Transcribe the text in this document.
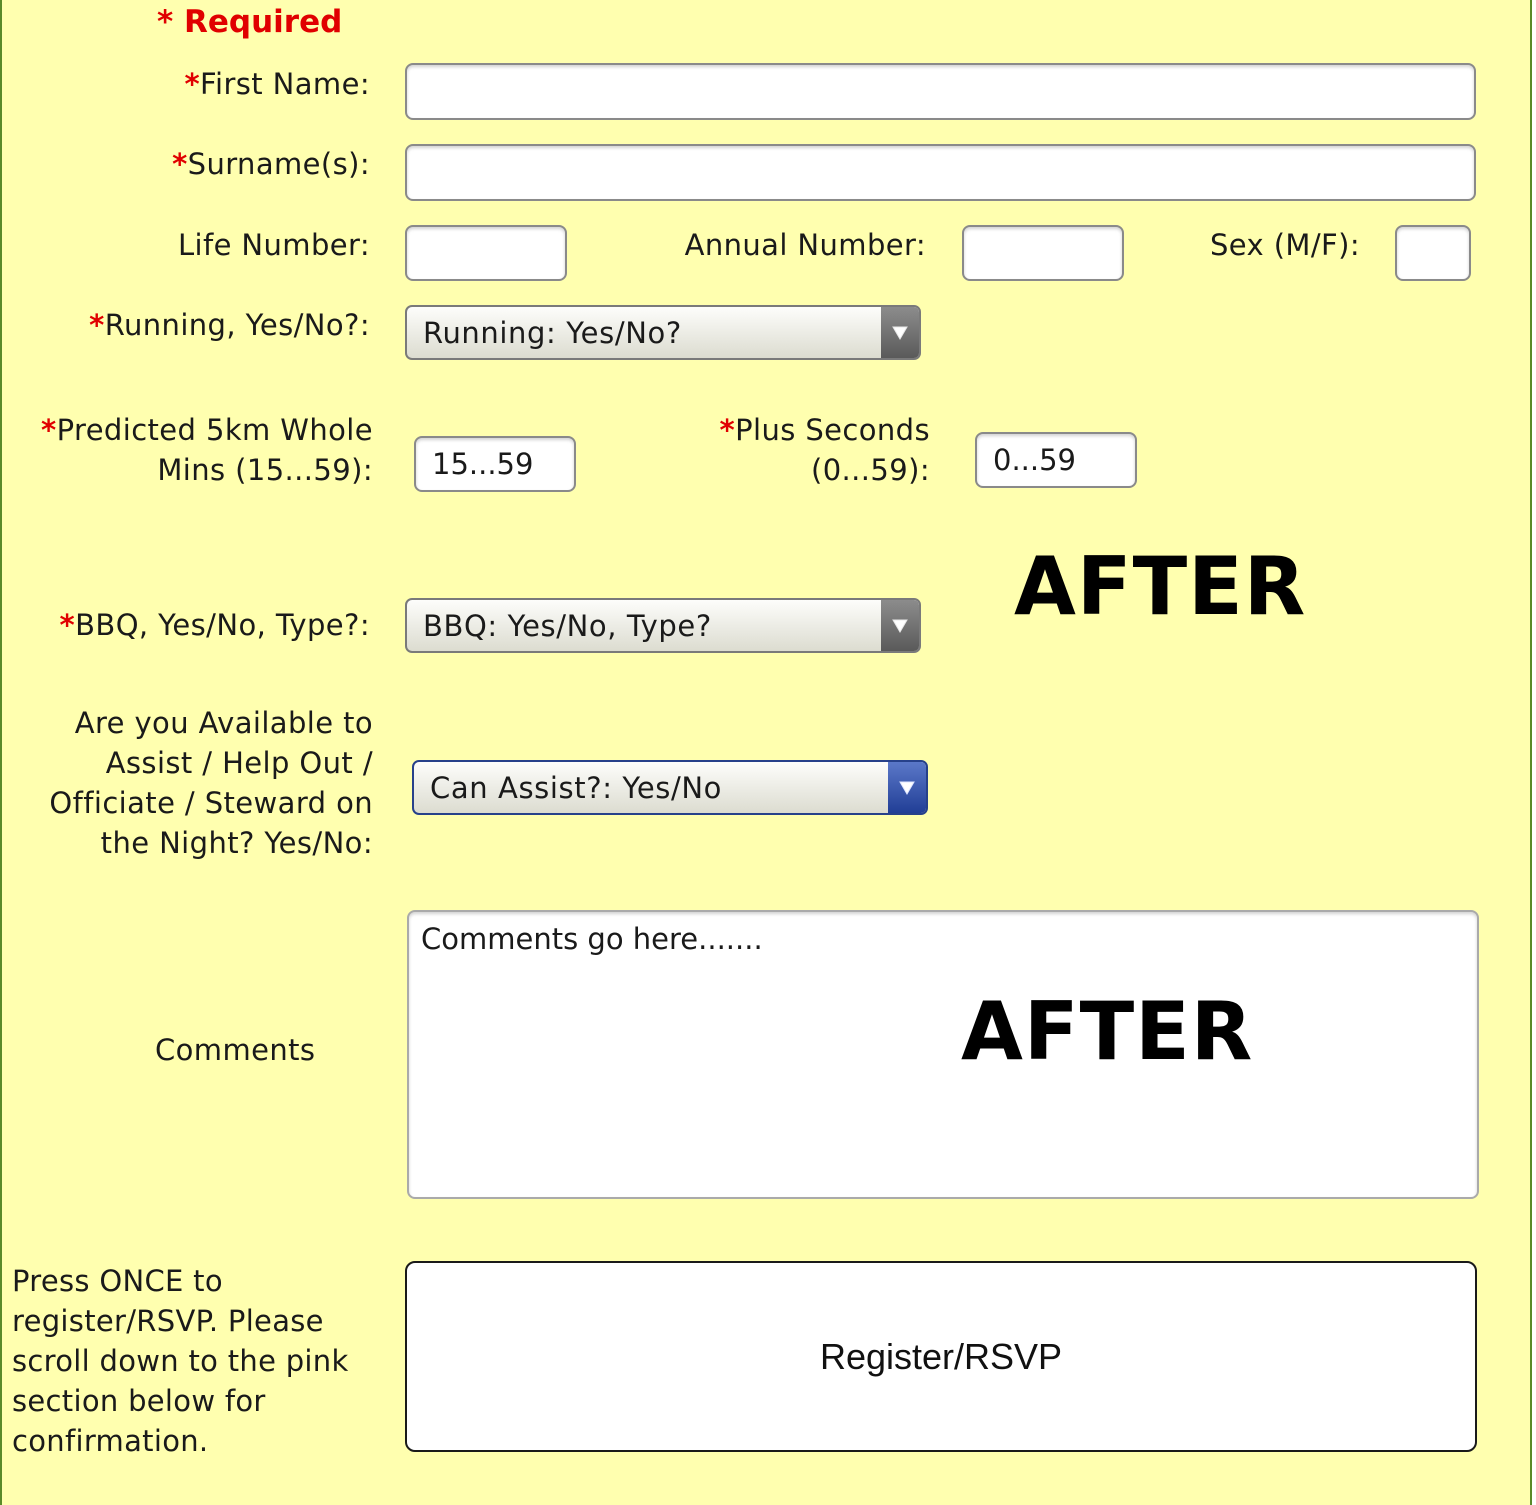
* Required
*First Name:
*Surname(s):
Life Number:	Annual Number:	Sex (M/F):
*Running, Yes/No?: Running: Yes/No?
*Predicted 5km Whole
Mins (15...59):
15...59
*Plus Seconds
(0...59):
0...59
AFTER
*BBQ, Yes/No, Type?: BBQ: Yes/No, Type?
Are you Available to
Assist / Help Out /
Officiate / Steward on
the Night? Yes/No:
Can Assist?: Yes/No
Comments
Comments go here.......	AFTER
Press ONCE to
register/RSVP. Please
scroll down to the pink
section below for
confirmation.
Register/RSVP
